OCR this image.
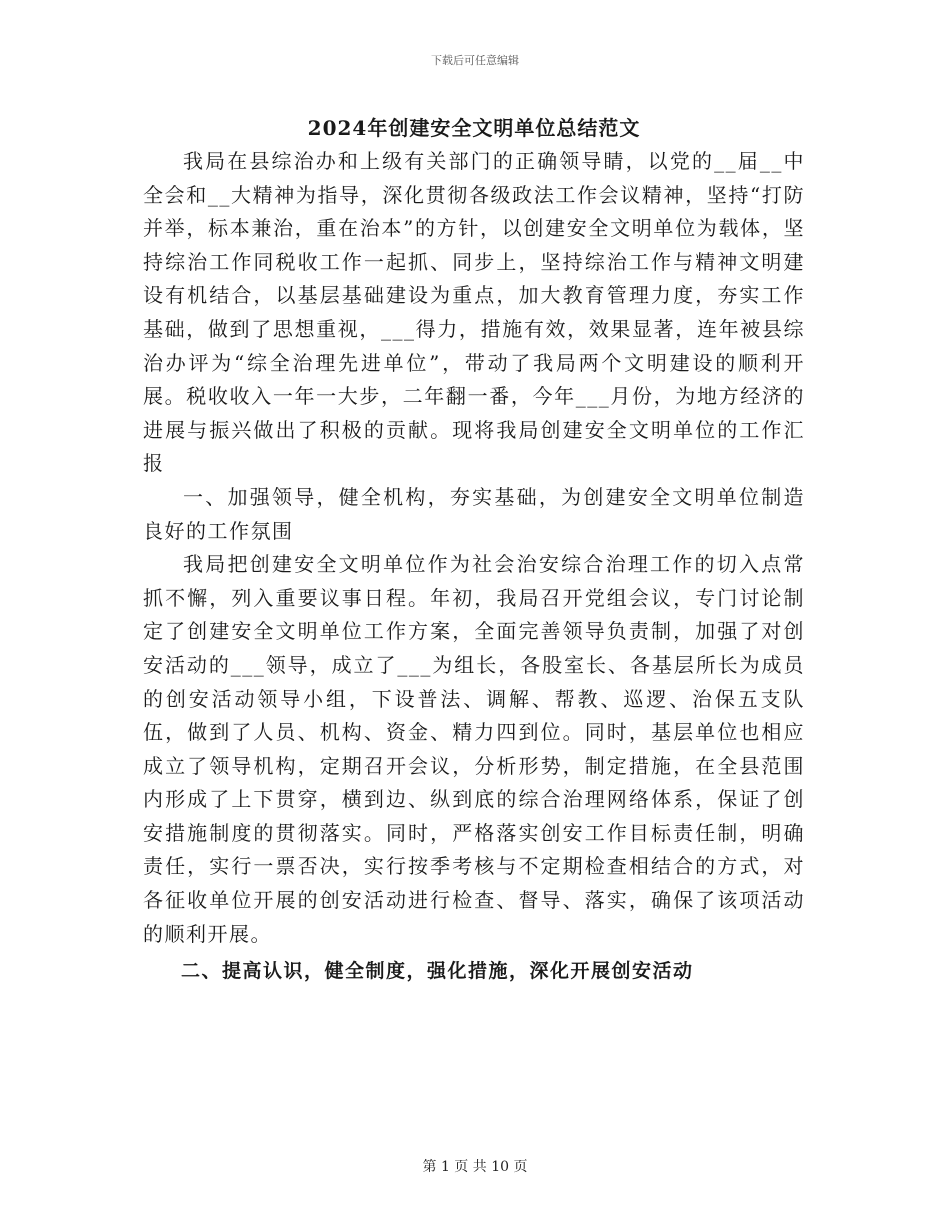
下载后可任意编辑
2024年创建安全文明单位总结范文

我局在县综治办和上级有关部门的正确领导睛，以党的__届__中全会和__大精神为指导，深化贯彻各级政法工作会议精神，坚持“打防并举，标本兼治，重在治本”的方针，以创建安全文明单位为载体，坚持综治工作同税收工作一起抓、同步上，坚持综治工作与精神文明建设有机结合，以基层基础建设为重点，加大教育管理力度，夯实工作基础，做到了思想重视，___得力，措施有效，效果显著，连年被县综治办评为“综全治理先进单位”，带动了我局两个文明建设的顺利开展。税收收入一年一大步，二年翻一番，今年___月份，为地方经济的进展与振兴做出了积极的贡献。现将我局创建安全文明单位的工作汇报

一、加强领导，健全机构，夯实基础，为创建安全文明单位制造良好的工作氛围

我局把创建安全文明单位作为社会治安综合治理工作的切入点常抓不懈，列入重要议事日程。年初，我局召开党组会议，专门讨论制定了创建安全文明单位工作方案，全面完善领导负责制，加强了对创安活动的___领导，成立了___为组长，各股室长、各基层所长为成员的创安活动领导小组，下设普法、调解、帮教、巡逻、治保五支队伍，做到了人员、机构、资金、精力四到位。同时，基层单位也相应成立了领导机构，定期召开会议，分析形势，制定措施，在全县范围内形成了上下贯穿，横到边、纵到底的综合治理网络体系，保证了创安措施制度的贯彻落实。同时，严格落实创安工作目标责任制，明确责任，实行一票否决，实行按季考核与不定期检查相结合的方式，对各征收单位开展的创安活动进行检查、督导、落实，确保了该项活动的顺利开展。

二、提高认识，健全制度，强化措施，深化开展创安活动

第 1 页 共 10 页
